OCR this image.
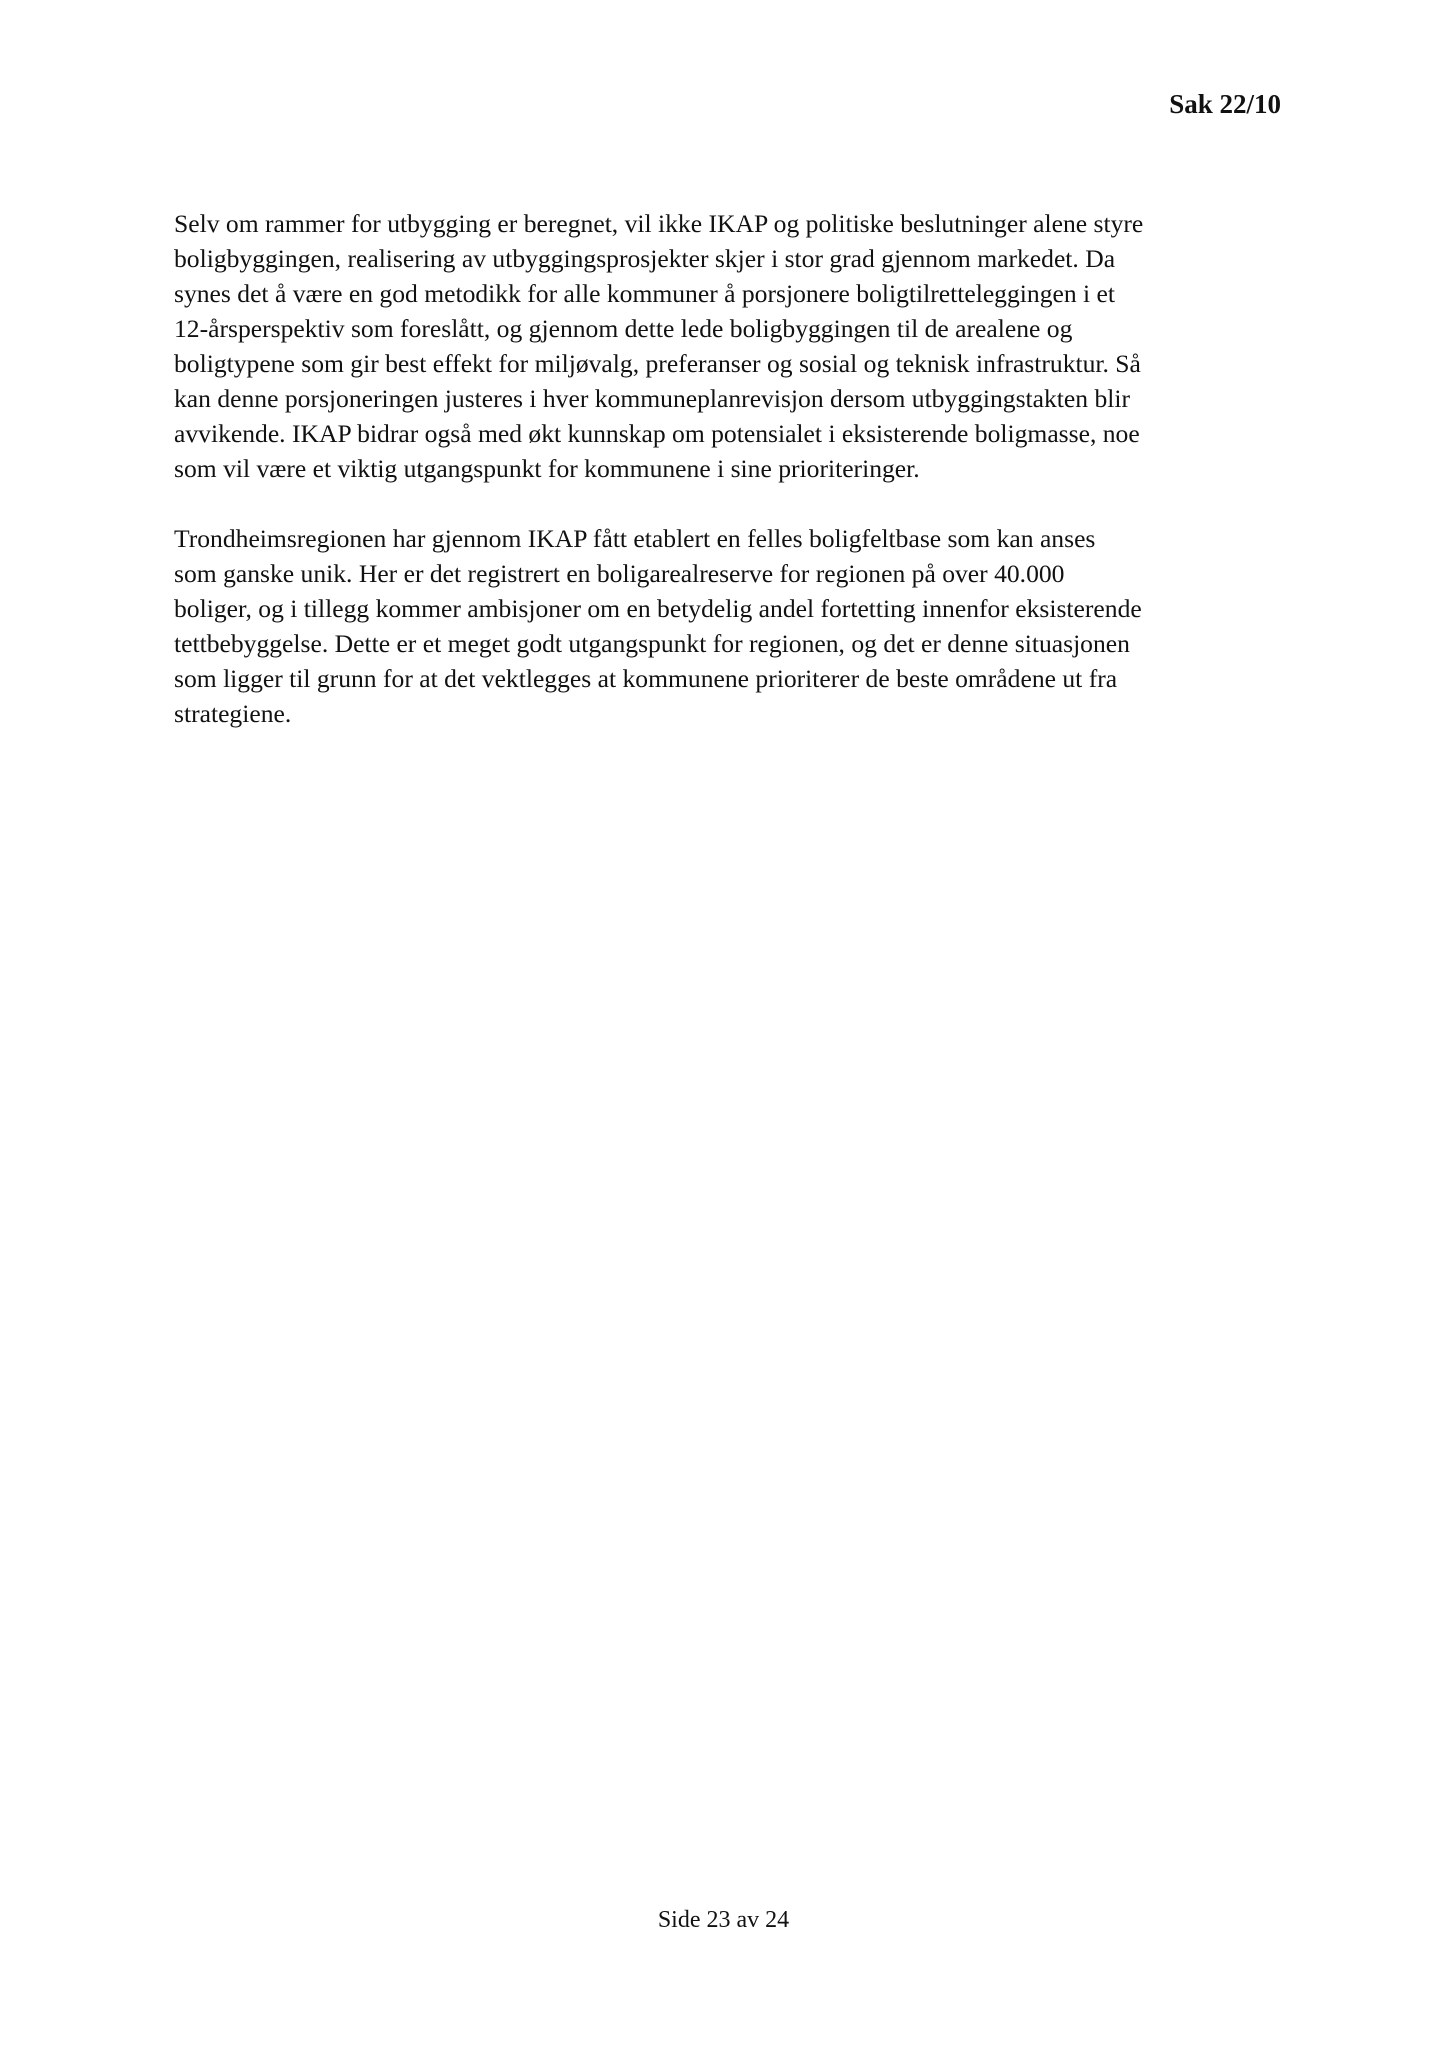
Sak 22/10

Selv om rammer for utbygging er beregnet, vil ikke IKAP og politiske beslutninger alene styre
boligbyggingen, realisering av utbyggingsprosjekter skjer i stor grad gjennom markedet. Da
synes det å være en god metodikk for alle kommuner å porsjonere boligtilretteleggingen i et
12-årsperspektiv som foreslått, og gjennom dette lede boligbyggingen til de arealene og
boligtypene som gir best effekt for miljøvalg, preferanser og sosial og teknisk infrastruktur. Så
kan denne porsjoneringen justeres i hver kommuneplanrevisjon dersom utbyggingstakten blir
avvikende. IKAP bidrar også med økt kunnskap om potensialet i eksisterende boligmasse, noe
som vil være et viktig utgangspunkt for kommunene i sine prioriteringer.

Trondheimsregionen har gjennom IKAP fått etablert en felles boligfeltbase som kan anses
som ganske unik. Her er det registrert en boligarealreserve for regionen på over 40.000
boliger, og i tillegg kommer ambisjoner om en betydelig andel fortetting innenfor eksisterende
tettbebyggelse. Dette er et meget godt utgangspunkt for regionen, og det er denne situasjonen
som ligger til grunn for at det vektlegges at kommunene prioriterer de beste områdene ut fra
strategiene.

Side 23 av 24
